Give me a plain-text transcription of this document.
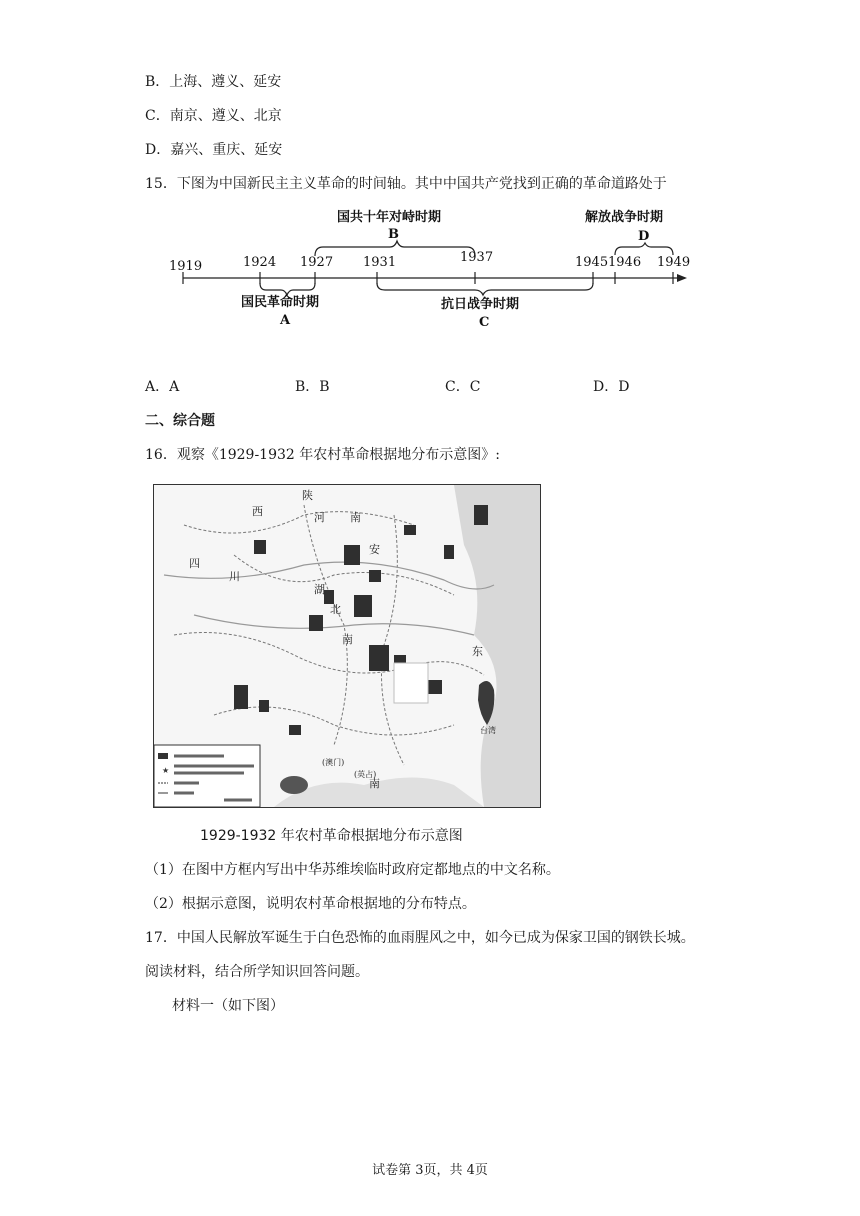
B．上海、遵义、延安
C．南京、遵义、北京
D．嘉兴、重庆、延安
15．下图为中国新民主主义革命的时间轴。其中中国共产党找到正确的革命道路处于
1919	1924 1927 1931	1937	1945 1946 1949
国共十年对峙时期
B
解放战争时期
D
国民革命时期
A
抗日战争时期
C
A．A	B．B	C．C	D．D
二、综合题
16．观察《1929-1932 年农村革命根据地分布示意图》:
陕
西	河 南
安
四
川
湖
北
南
东
南
(澳门)
(英占)
台湾
★
1929-1932 年农村革命根据地分布示意图
（1）在图中方框内写出中华苏维埃临时政府定都地点的中文名称。
（2）根据示意图，说明农村革命根据地的分布特点。
17．中国人民解放军诞生于白色恐怖的血雨腥风之中，如今已成为保家卫国的钢铁长城。
阅读材料，结合所学知识回答问题。
材料一（如下图）
试卷第 3页，共 4页
